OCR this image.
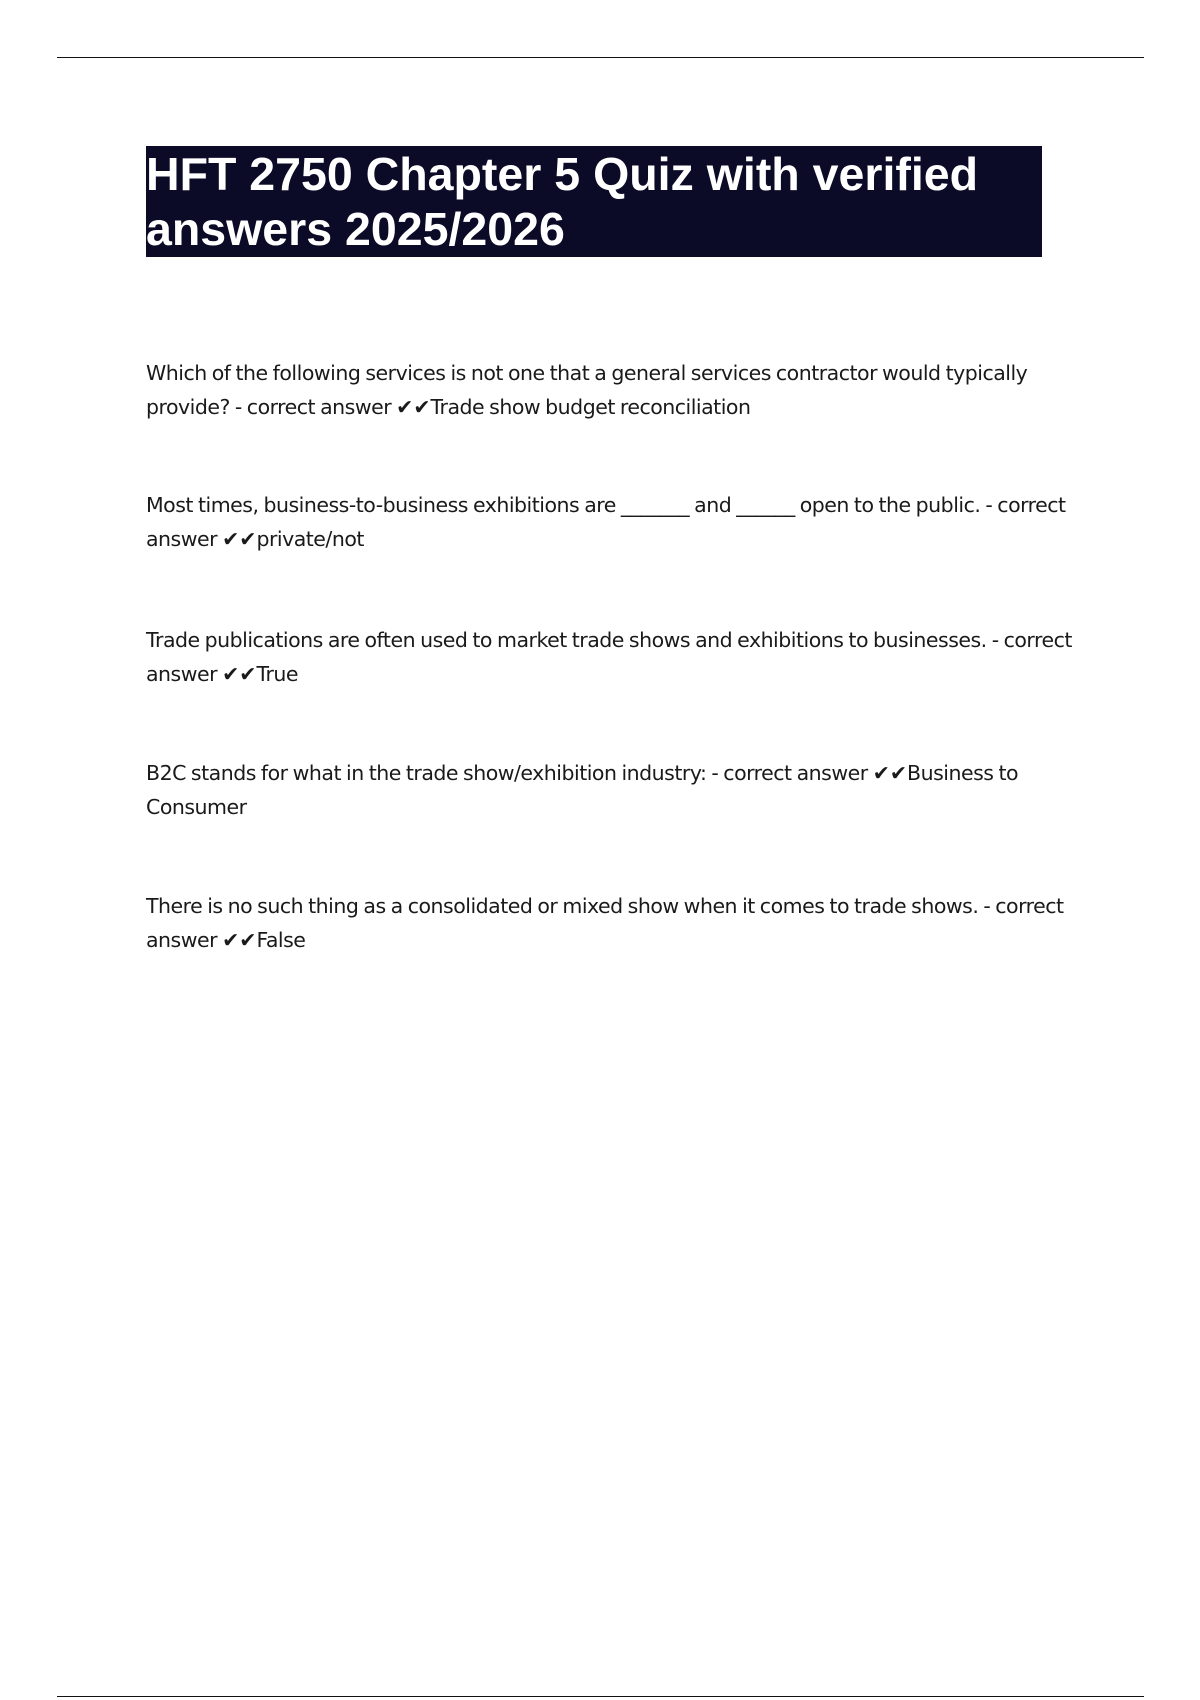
HFT 2750 Chapter 5 Quiz with verified answers 2025/2026

Which of the following services is not one that a general services contractor would typically provide? - correct answer ✔✔Trade show budget reconciliation

Most times, business-to-business exhibitions are _______ and ______ open to the public. - correct answer ✔✔private/not

Trade publications are often used to market trade shows and exhibitions to businesses. - correct answer ✔✔True

B2C stands for what in the trade show/exhibition industry: - correct answer ✔✔Business to Consumer

There is no such thing as a consolidated or mixed show when it comes to trade shows. - correct answer ✔✔False
